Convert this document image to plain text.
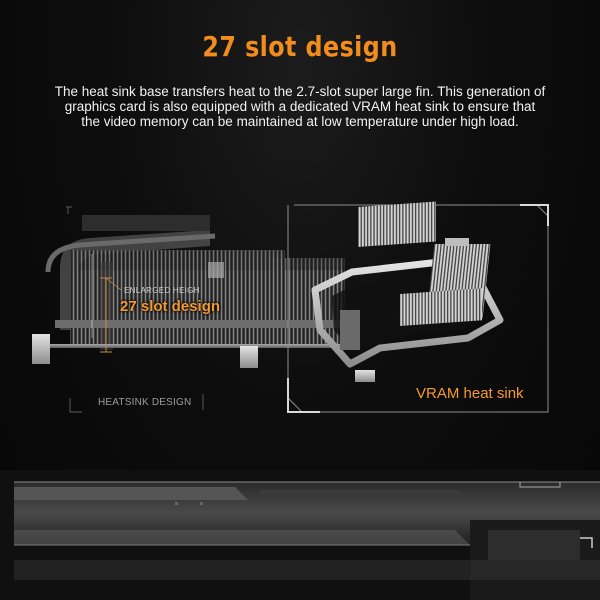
27 slot design
The heat sink base transfers heat to the 2.7-slot super large fin. This generation of
graphics card is also equipped with a dedicated VRAM heat sink to ensure that
the video memory can be maintained at low temperature under high load.
ENLARGED HEIGH
27 slot design
HEATSINK DESIGN
VRAM heat sink
